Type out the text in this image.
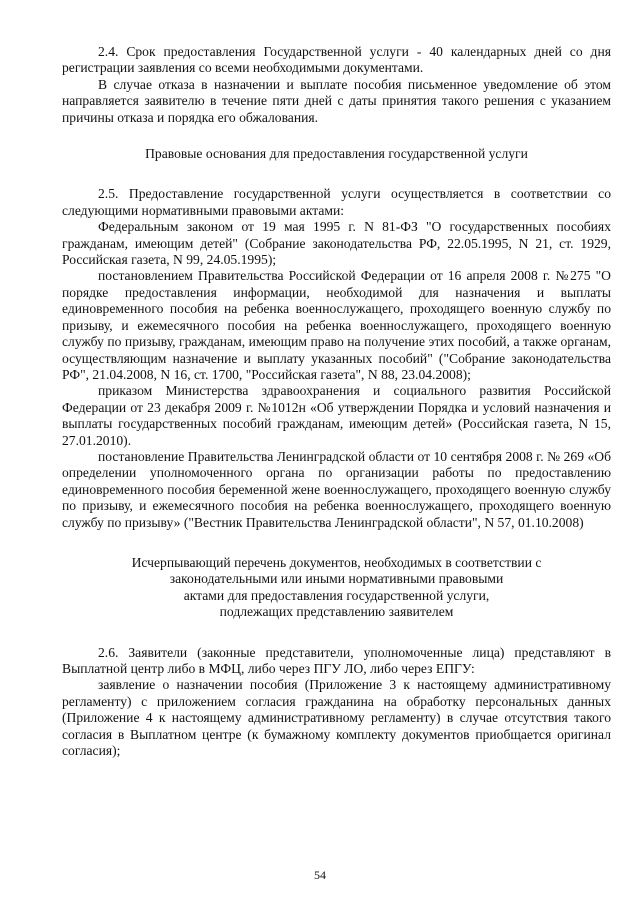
2.4. Срок предоставления Государственной услуги - 40 календарных дней со дня регистрации заявления со всеми необходимыми документами.

В случае отказа в назначении и выплате пособия письменное уведомление об этом направляется заявителю в течение пяти дней с даты принятия такого решения с указанием причины отказа и порядка его обжалования.

Правовые основания для предоставления государственной услуги

2.5. Предоставление государственной услуги осуществляется в соответствии со следующими нормативными правовыми актами:

Федеральным законом от 19 мая 1995 г. N 81-ФЗ "О государственных пособиях гражданам, имеющим детей" (Собрание законодательства РФ, 22.05.1995, N 21, ст. 1929, Российская газета, N 99, 24.05.1995);

постановлением Правительства Российской Федерации от 16 апреля 2008 г. №275 "О порядке предоставления информации, необходимой для назначения и выплаты единовременного пособия на ребенка военнослужащего, проходящего военную службу по призыву, и ежемесячного пособия на ребенка военнослужащего, проходящего военную службу по призыву, гражданам, имеющим право на получение этих пособий, а также органам, осуществляющим назначение и выплату указанных пособий" ("Собрание законодательства РФ", 21.04.2008, N 16, ст. 1700, "Российская газета", N 88, 23.04.2008);

приказом Министерства здравоохранения и социального развития Российской Федерации от 23 декабря 2009 г. №1012н «Об утверждении Порядка и условий назначения и выплаты государственных пособий гражданам, имеющим детей» (Российская газета, N 15, 27.01.2010).

постановление Правительства Ленинградской области от 10 сентября 2008 г. № 269 «Об определении уполномоченного органа по организации работы по предоставлению единовременного пособия беременной жене военнослужащего, проходящего военную службу по призыву, и ежемесячного пособия на ребенка военнослужащего, проходящего военную службу по призыву» ("Вестник Правительства Ленинградской области", N 57, 01.10.2008)

Исчерпывающий перечень документов, необходимых в соответствии с

законодательными или иными нормативными правовыми

актами для предоставления государственной услуги,

подлежащих представлению заявителем

2.6. Заявители (законные представители, уполномоченные лица) представляют в Выплатной центр либо в МФЦ, либо через ПГУ ЛО, либо через ЕПГУ:

заявление о назначении пособия (Приложение 3 к настоящему административному регламенту) с приложением согласия гражданина на обработку персональных данных (Приложение 4 к настоящему административному регламенту) в случае отсутствия такого согласия в Выплатном центре (к бумажному комплекту документов приобщается оригинал согласия);

54
